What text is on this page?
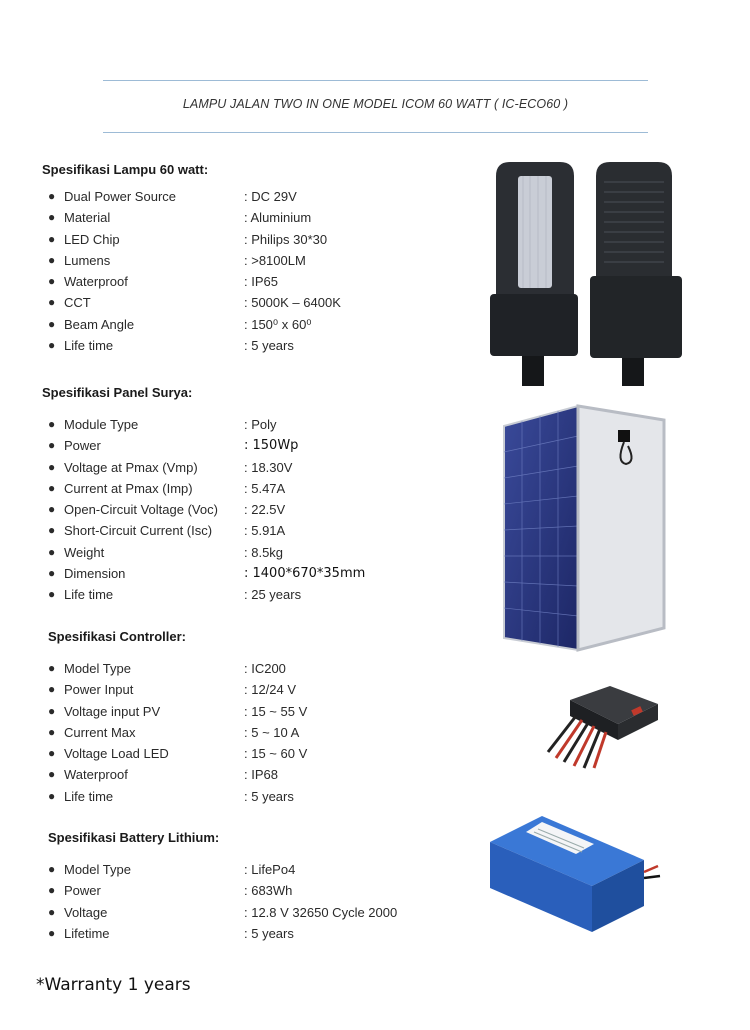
LAMPU JALAN TWO IN ONE MODEL ICOM 60 WATT ( IC-ECO60 )
Spesifikasi Lampu 60 watt:
● Dual Power Source	: DC 29V
● Material	: Aluminium
● LED Chip	: Philips 30*30
● Lumens	: >8100LM
● Waterproof	: IP65
● CCT	: 5000K – 6400K
● Beam Angle	: 150⁰ x 60⁰
● Life time	: 5 years
Spesifikasi Panel Surya:
● Module Type	: Poly
● Power	: 150Wp
● Voltage at Pmax (Vmp)	: 18.30V
● Current at Pmax (Imp)	: 5.47A
● Open-Circuit Voltage (Voc) : 22.5V
● Short-Circuit Current (Isc) : 5.91A
● Weight	: 8.5kg
● Dimension	: 1400*670*35mm
● Life time	: 25 years
Spesifikasi Controller:
● Model Type	: IC200
● Power Input	: 12/24 V
● Voltage input PV	: 15 ~ 55 V
● Current Max	: 5 ~ 10 A
● Voltage Load LED	: 15 ~ 60 V
● Waterproof	: IP68
● Life time	: 5 years
Spesifikasi Battery Lithium:
● Model Type	: LifePo4
● Power	: 683Wh
● Voltage	: 12.8 V 32650 Cycle 2000
● Lifetime	: 5 years
*Warranty 1 years
